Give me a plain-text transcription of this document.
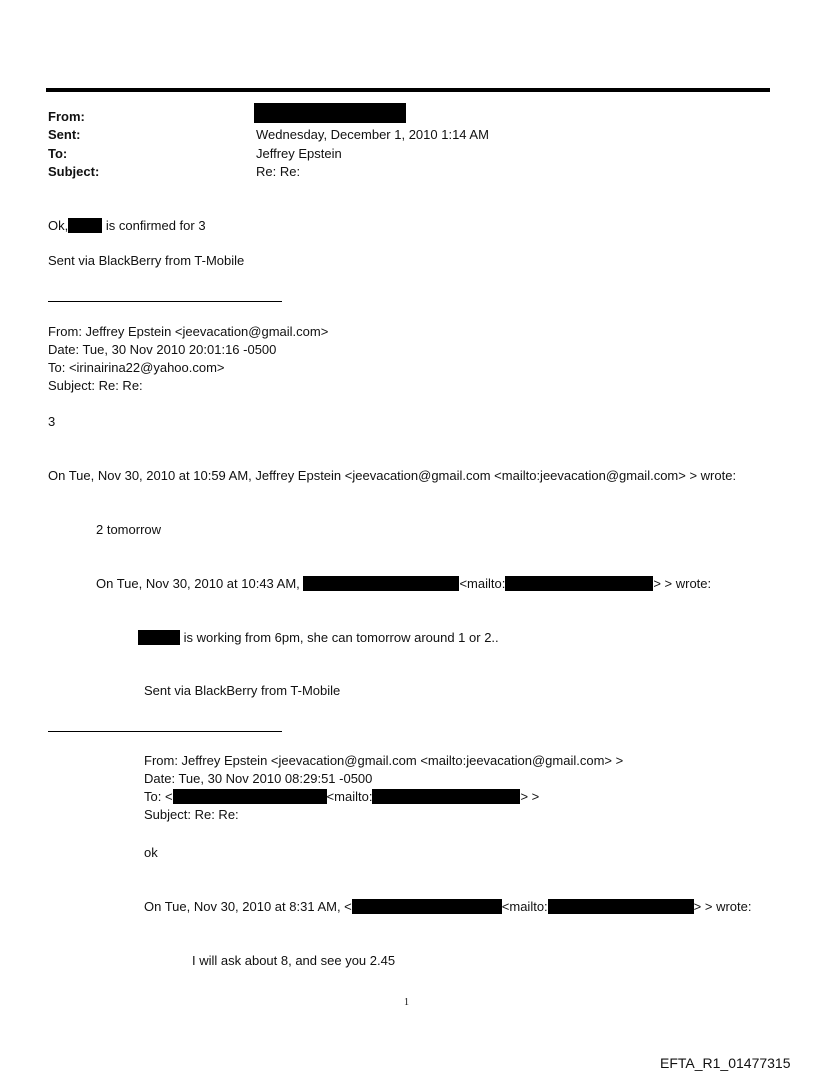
From:
Sent:	Wednesday, December 1, 2010 1:14 AM
To:	Jeffrey Epstein
Subject:	Re: Re:
Ok,	is confirmed for 3
Sent via BlackBerry from T-Mobile
From: Jeffrey Epstein <jeevacation@gmail.com>
Date: Tue, 30 Nov 2010 20:01:16 -0500
To: <irinairina22@yahoo.com>
Subject: Re: Re:
3
On Tue, Nov 30, 2010 at 10:59 AM, Jeffrey Epstein <jeevacation@gmail.com <mailto:jeevacation@gmail.com> > wrote:
2 tomorrow
On Tue, Nov 30, 2010 at 10:43 AM,	<mailto:	> > wrote:
is working from 6pm, she can tomorrow around 1 or 2..
Sent via BlackBerry from T-Mobile
From: Jeffrey Epstein <jeevacation@gmail.com <mailto:jeevacation@gmail.com> >
Date: Tue, 30 Nov 2010 08:29:51 -0500
To: <	<mailto:	> >
Subject: Re: Re:
ok
On Tue, Nov 30, 2010 at 8:31 AM, <	<mailto:	> > wrote:
I will ask about 8, and see you 2.45
1
EFTA_R1_01477315
